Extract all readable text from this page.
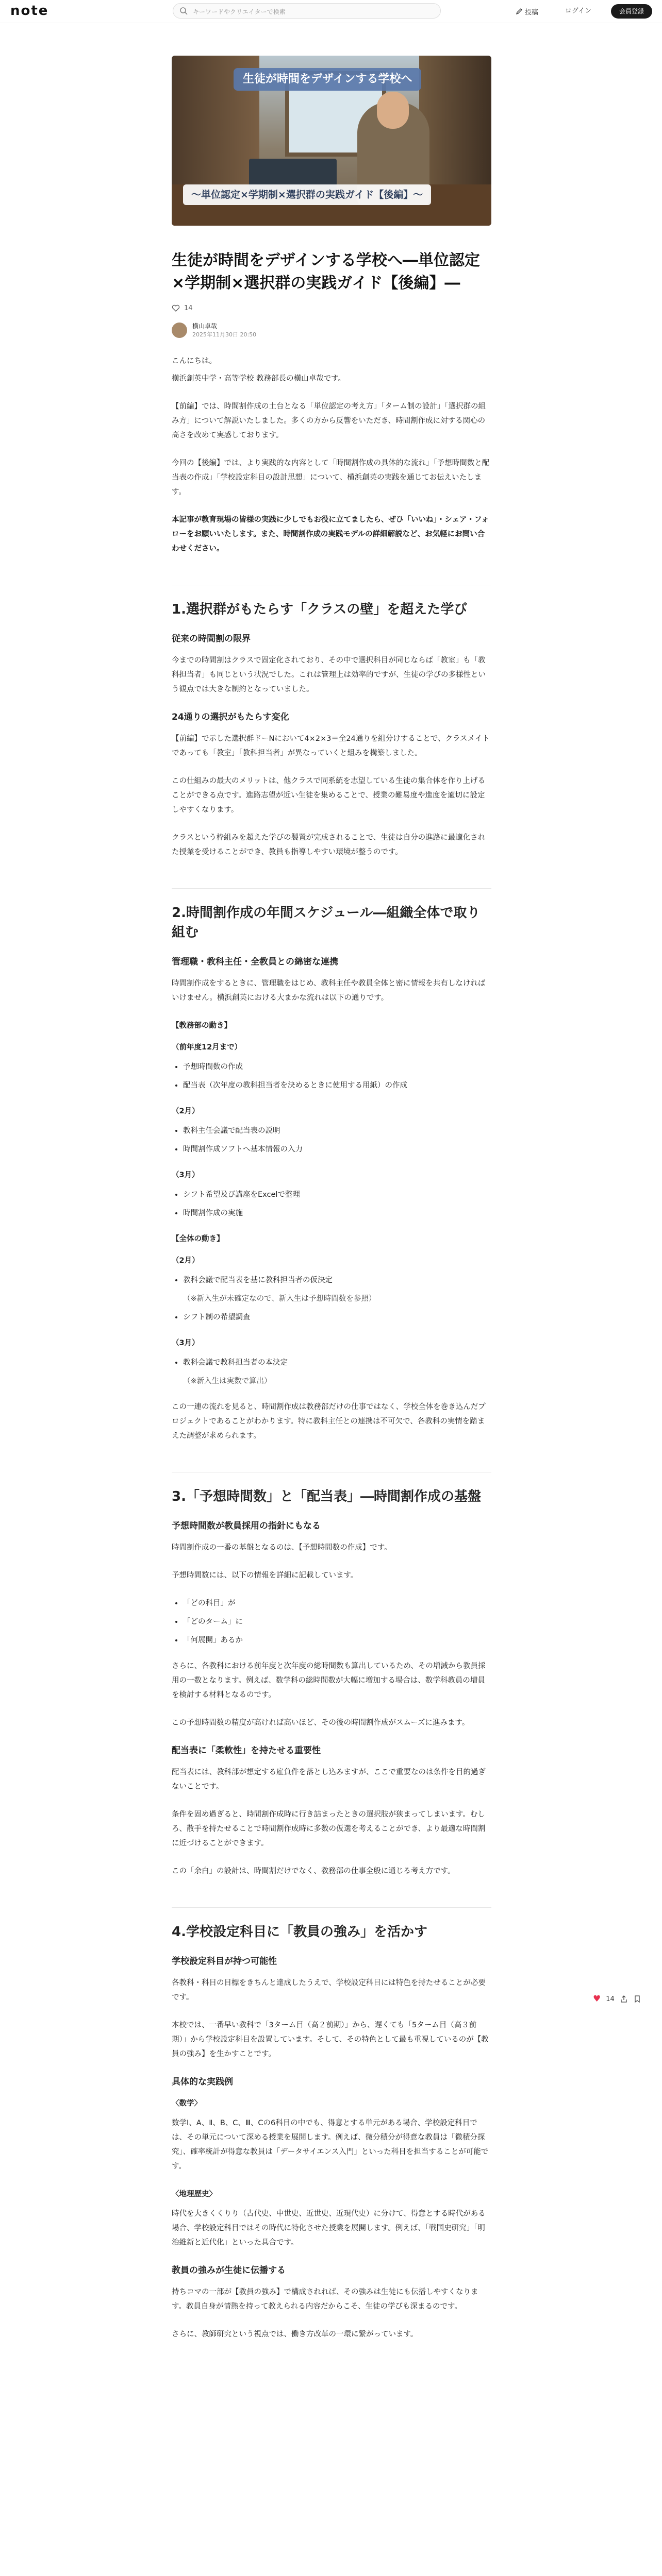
note	キーワードやクリエイターで検索	投稿	ログイン	会員登録
生徒が時間をデザインする学校へ
〜単位認定×学期制×選択群の実践ガイド【後編】〜
生徒が時間をデザインする学校へ―単位認定×学期制×選択群の実践ガイド【後編】―
14
横山卓哉
2025年11月30日 20:50

こんにちは。

横浜創英中学・高等学校 教務部長の横山卓哉です。

【前編】では、時間割作成の土台となる「単位認定の考え方」「ターム制の設計」「選択群の組み方」について解説いたしました。多くの方から反響をいただき、時間割作成に対する関心の高さを改めて実感しております。

今回の【後編】では、より実践的な内容として「時間割作成の具体的な流れ」「予想時間数と配当表の作成」「学校設定科目の設計思想」について、横浜創英の実践を通じてお伝えいたします。

本記事が教育現場の皆様の実践に少しでもお役に立てましたら、ぜひ「いいね」・シェア・フォローをお願いいたします。また、時間割作成の実践モデルの詳細解説など、お気軽にお問い合わせください。

1.選択群がもたらす「クラスの壁」を超えた学び
従来の時間割の限界

今までの時間割はクラスで固定化されており、その中で選択科目が同じならば「教室」も「教科担当者」も同じという状況でした。これは管理上は効率的ですが、生徒の学びの多様性という観点では大きな制約となっていました。

24通りの選択がもたらす変化

【前編】で示した選択群ドーNにおいて4×2×3＝全24通りを組分けすることで、クラスメイトであっても「教室」「教科担当者」が異なっていくと組みを構築しました。

この仕組みの最大のメリットは、他クラスで同系統を志望している生徒の集合体を作り上げることができる点です。進路志望が近い生徒を集めることで、授業の難易度や進度を適切に設定しやすくなります。

クラスという枠組みを超えた学びの製置が完成されることで、生徒は自分の進路に最適化された授業を受けることができ、教員も指導しやすい環境が整うのです。

2.時間割作成の年間スケジュール―組織全体で取り組む
管理職・教科主任・全教員との綿密な連携

時間割作成をするときに、管理職をはじめ、教科主任や教員全体と密に情報を共有しなければいけません。横浜創英における大まかな流れは以下の通りです。

【教務部の動き】
（前年度12月まで）
• 予想時間数の作成
• 配当表（次年度の教科担当者を決めるときに使用する用紙）の作成
（2月）
• 教科主任会議で配当表の説明
• 時間割作成ソフトへ基本情報の入力
（3月）
• シフト希望及び講座をExcelで整理
• 時間割作成の実施
【全体の動き】
（2月）
• 教科会議で配当表を基に教科担当者の仮決定
（※新入生が未確定なので、新入生は予想時間数を参照）
• シフト制の希望調査
（3月）
• 教科会議で教科担当者の本決定
（※新入生は実数で算出）

この一連の流れを見ると、時間割作成は教務部だけの仕事ではなく、学校全体を巻き込んだプロジェクトであることがわかります。特に教科主任との連携は不可欠で、各教科の実情を踏まえた調整が求められます。

3.「予想時間数」と「配当表」―時間割作成の基盤
予想時間数が教員採用の指針にもなる

時間割作成の一番の基盤となるのは、【予想時間数の作成】です。

予想時間数には、以下の情報を詳細に記載しています。

• 「どの科目」が
• 「どのターム」に
• 「何展開」あるか

さらに、各教科における前年度と次年度の総時間数も算出しているため、その増減から教員採用の一数となります。例えば、数学科の総時間数が大幅に増加する場合は、数学科教員の増員を検討する材料となるのです。

この予想時間数の精度が高ければ高いほど、その後の時間割作成がスムーズに進みます。

配当表に「柔軟性」を持たせる重要性

配当表には、教科部が想定する雇負件を落とし込みますが、ここで重要なのは条件を目的過ぎないことです。

条件を固め過ぎると、時間割作成時に行き詰まったときの選択肢が狭まってしまいます。むしろ、散手を持たせることで時間割作成時に多数の仮選を考えることができ、より最適な時間割に近づけることができます。

この「余白」の設計は、時間割だけでなく、教務部の仕事全般に通じる考え方です。

4.学校設定科目に「教員の強み」を活かす
学校設定科目が持つ可能性

各教科・科目の目標をきちんと達成したうえで、学校設定科目には特色を持たせることが必要です。

本校では、一番早い教科で「3ターム目（高２前期）」から、遅くても「5ターム目（高３前期）」から学校設定科目を設置しています。そして、その特色として最も重視しているのが【教員の強み】を生かすことです。

具体的な実践例
〈数学〉

数学Ⅰ、A、Ⅱ、B、C、Ⅲ、Cの6科目の中でも、得意とする単元がある場合、学校設定科目では、その単元について深める授業を展開します。例えば、微分積分が得意な教員は「微積分探究」、確率統計が得意な教員は「データサイエンス入門」といった科目を担当することが可能です。

〈地理歴史〉

時代を大きくくりり（古代史、中世史、近世史、近現代史）に分けて、得意とする時代がある場合、学校設定科目ではその時代に特化させた授業を展開します。例えば、「戦国史研究」「明治維新と近代化」といった具合です。

教員の強みが生徒に伝播する

持ちコマの一部が【教員の強み】で構成されれば、その強みは生徒にも伝播しやすくなります。教員自身が情熱を持って教えられる内容だからこそ、生徒の学びも深まるのです。

さらに、教師研究という視点では、働き方改革の一環に繋がっています。

♥ 14
